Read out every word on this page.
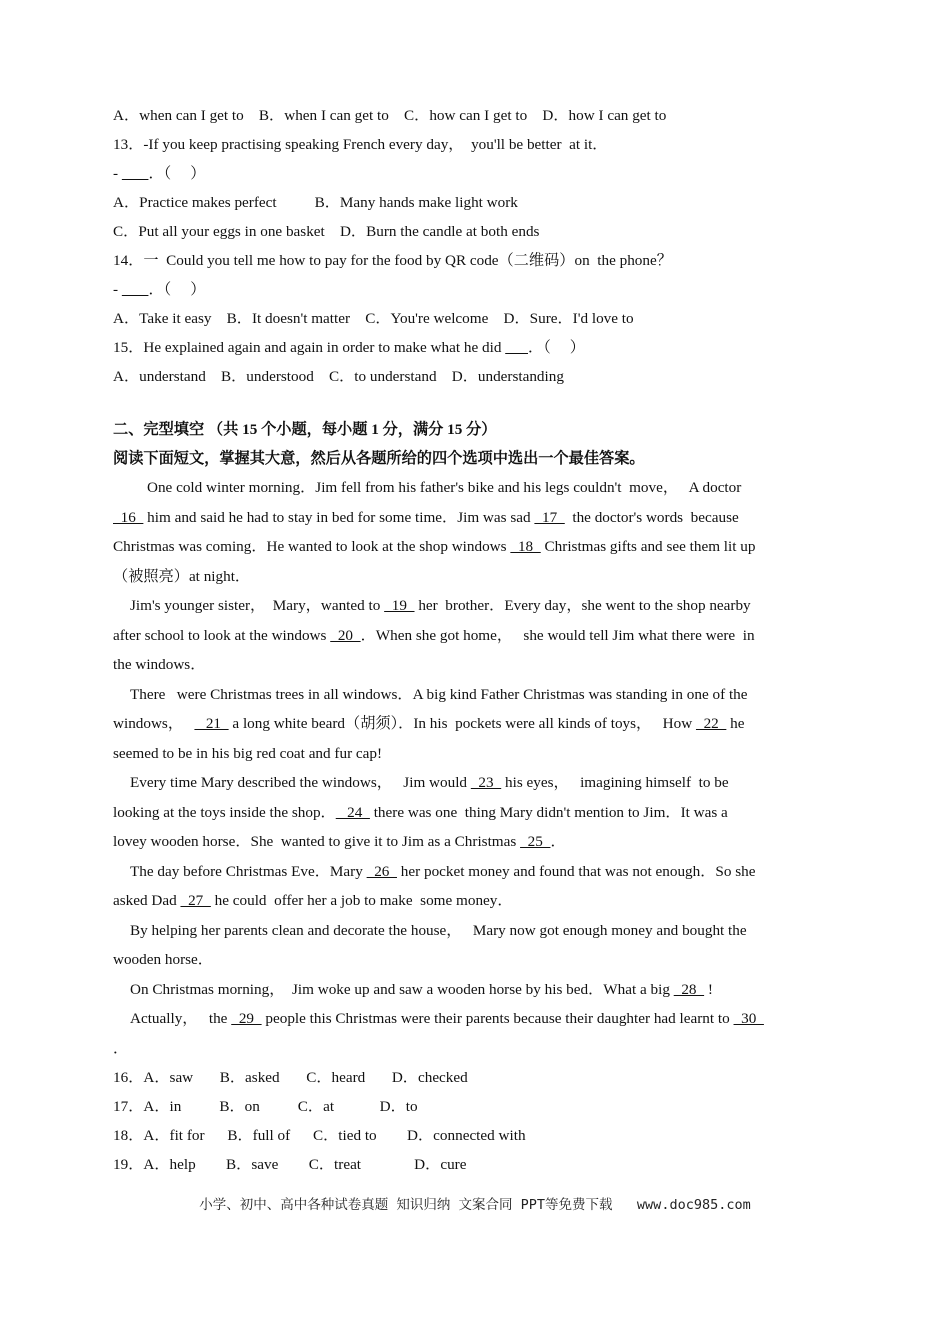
A．when can I get to    B．when I can get to    C．how can I get to    D．how I can get to
13．-If you keep practising speaking French every day，  you'll be better  at it．
- ．（     ）
A．Practice makes perfect          B．Many hands make light work
C．Put all your eggs in one basket    D．Burn the candle at both ends
14．一  Could you tell me how to pay for the food by QR code（二维码）on  the phone？
- ．（     ）
A．Take it easy    B．It doesn't matter    C．You're welcome    D．Sure．I'd love to
15．He explained again and again in order to make what he did       ．（     ）
A．understand    B．understood    C．to understand    D．understanding
二、完型填空 （共 15 个小题，每小题 1 分，满分 15 分）
阅读下面短文，掌握其大意，然后从各题所给的四个选项中选出一个最佳答案。
One cold winter morning．Jim fell from his father's bike and his legs couldn't  move，   A doctor
16   him and said he had to stay in bed for some time．Jim was sad   17    the doctor's words  because
Christmas was coming．He wanted to look at the shop windows   18   Christmas gifts and see them lit up
（被照亮）at night．
Jim's younger sister，  Mary，wanted to   19   her  brother．Every day，she went to the shop nearby
after school to look at the windows   20  ．When she got home，   she would tell Jim what there were  in
the windows．
There   were Christmas trees in all windows．A big kind Father Christmas was standing in one of the
windows，      21   a long white beard（胡须）．In his  pockets were all kinds of toys，   How   22   he
seemed to be in his big red coat and fur cap!
Every time Mary described the windows，   Jim would   23   his eyes，   imagining himself  to be
looking at the toys inside the shop．   24   there was one  thing Mary didn't mention to Jim．It was a
lovey wooden horse．She  wanted to give it to Jim as a Christmas   25  ．
The day before Christmas Eve．Mary   26   her pocket money and found that was not enough．So she
asked Dad   27   he could  offer her a job to make  some money．
By helping her parents clean and decorate the house，   Mary now got enough money and bought the
wooden horse．
On Christmas morning，  Jim woke up and saw a wooden horse by his bed．What a big   28   !
Actually，   the   29   people this Christmas were their parents because their daughter had learnt to   30
．
16．A．saw       B．asked       C．heard       D．checked
17．A．in          B．on          C．at            D．to
18．A．fit for      B．full of      C．tied to        D．connected with
19．A．help        B．save        C．treat              D．cure
小学、初中、高中各种试卷真题 知识归纳 文案合同 PPT等免费下载   www.doc985.com
